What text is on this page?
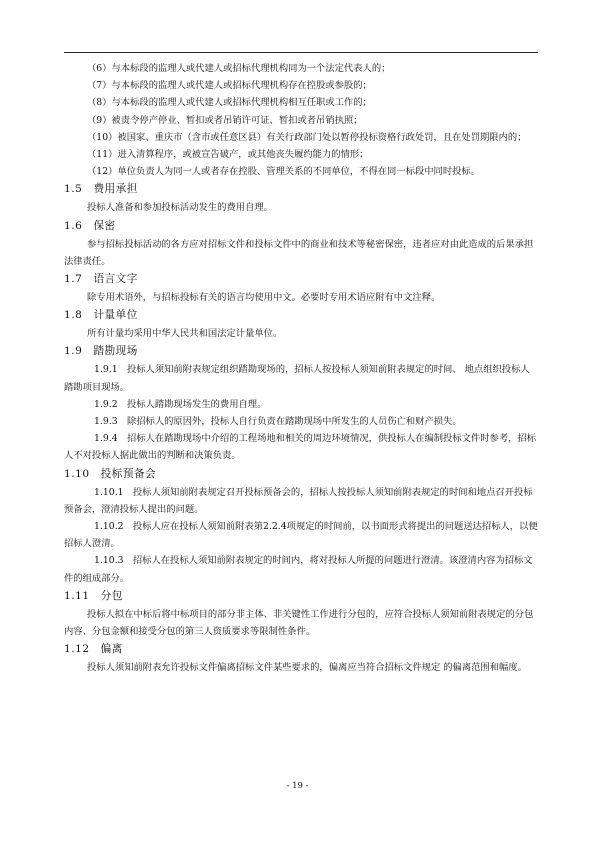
（6）与本标段的监理人或代建人或招标代理机构同为一个法定代表人的；

（7）与本标段的监理人或代建人或招标代理机构存在控股或参股的；

（8）与本标段的监理人或代建人或招标代理机构相互任职或工作的；

（9）被责令停产停业、暂扣或者吊销许可证、暂扣或者吊销执照；

（10）被国家、重庆市（含市或任意区县）有关行政部门处以暂停投标资格行政处罚，且在处罚期限内的；

（11）进入清算程序，或被宣告破产，或其他丧失履约能力的情形；

（12）单位负责人为同一人或者存在控股、管理关系的不同单位，不得在同一标段中同时投标。

1.5　费用承担

投标人准备和参加投标活动发生的费用自理。

1.6　保密

参与招标投标活动的各方应对招标文件和投标文件中的商业和技术等秘密保密，违者应对由此造成的后果承担法律责任。

1.7　语言文字

除专用术语外，与招标投标有关的语言均使用中文。必要时专用术语应附有中文注释。

1.8　计量单位

所有计量均采用中华人民共和国法定计量单位。

1.9　踏勘现场

1.9.1　投标人须知前附表规定组织踏勘现场的，招标人按投标人须知前附表规定的时间、 地点组织投标人踏勘项目现场。

1.9.2　投标人踏勘现场发生的费用自理。

1.9.3　除招标人的原因外，投标人自行负责在踏勘现场中所发生的人员伤亡和财产损失。

1.9.4　招标人在踏勘现场中介绍的工程场地和相关的周边环境情况，供投标人在编制投标文件时参考，招标人不对投标人据此做出的判断和决策负责。

1.10　投标预备会

1.10.1　投标人须知前附表规定召开投标预备会的，招标人按投标人须知前附表规定的时间和地点召开投标预备会，澄清投标人提出的问题。

1.10.2　投标人应在投标人须知前附表第2.2.4项规定的时间前，以书面形式将提出的问题送达招标人，以便招标人澄清。

1.10.3　招标人在投标人须知前附表规定的时间内，将对投标人所提的问题进行澄清。该澄清内容为招标文件的组成部分。

1.11　分包

投标人拟在中标后将中标项目的部分非主体、非关键性工作进行分包的，应符合投标人须知前附表规定的分包内容、分包金额和接受分包的第三人资质要求等限制性条件。

1.12　偏离

投标人须知前附表允许投标文件偏离招标文件某些要求的，偏离应当符合招标文件规定 的偏离范围和幅度。

- 19 -
